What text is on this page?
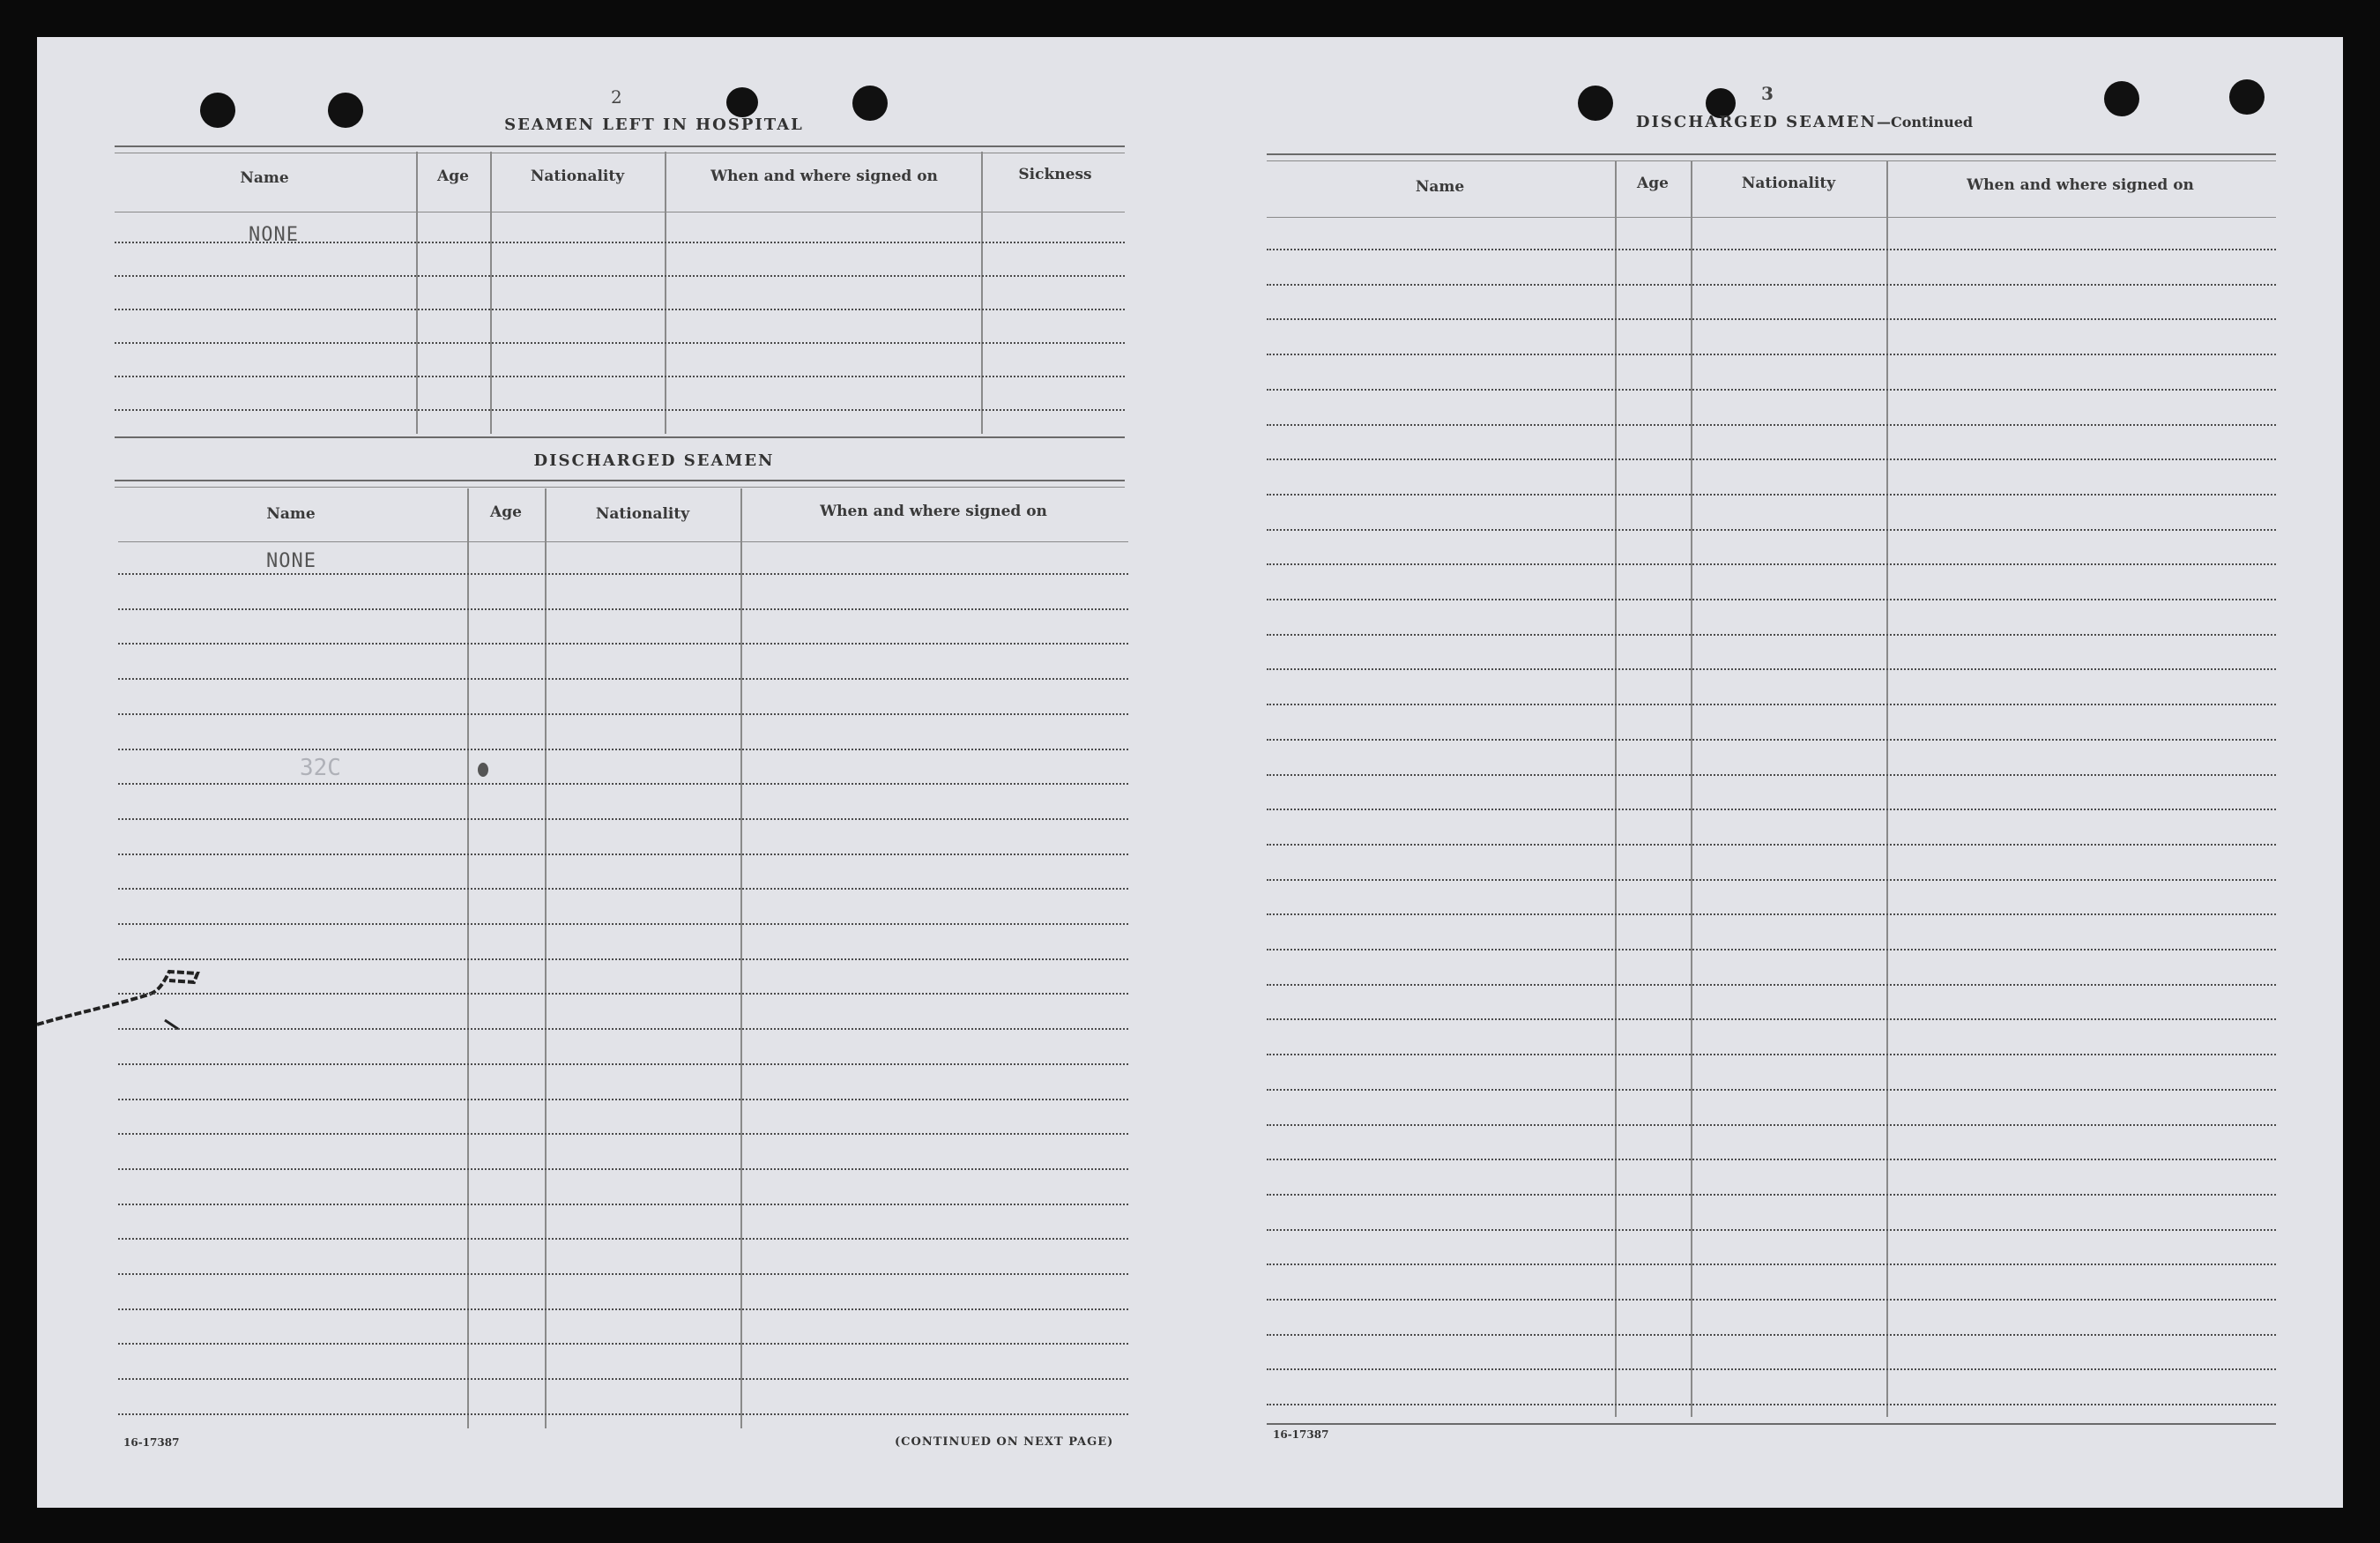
2
SEAMEN LEFT IN HOSPITAL
Name	Age	Nationality	When and where signed on	Sickness
NONE
DISCHARGED SEAMEN
Name	Age	Nationality	When and where signed on
NONE
32C
16-17387	(CONTINUED ON NEXT PAGE)
3
DISCHARGED SEAMEN—Continued
Name	Age	Nationality	When and where signed on
16-17387
